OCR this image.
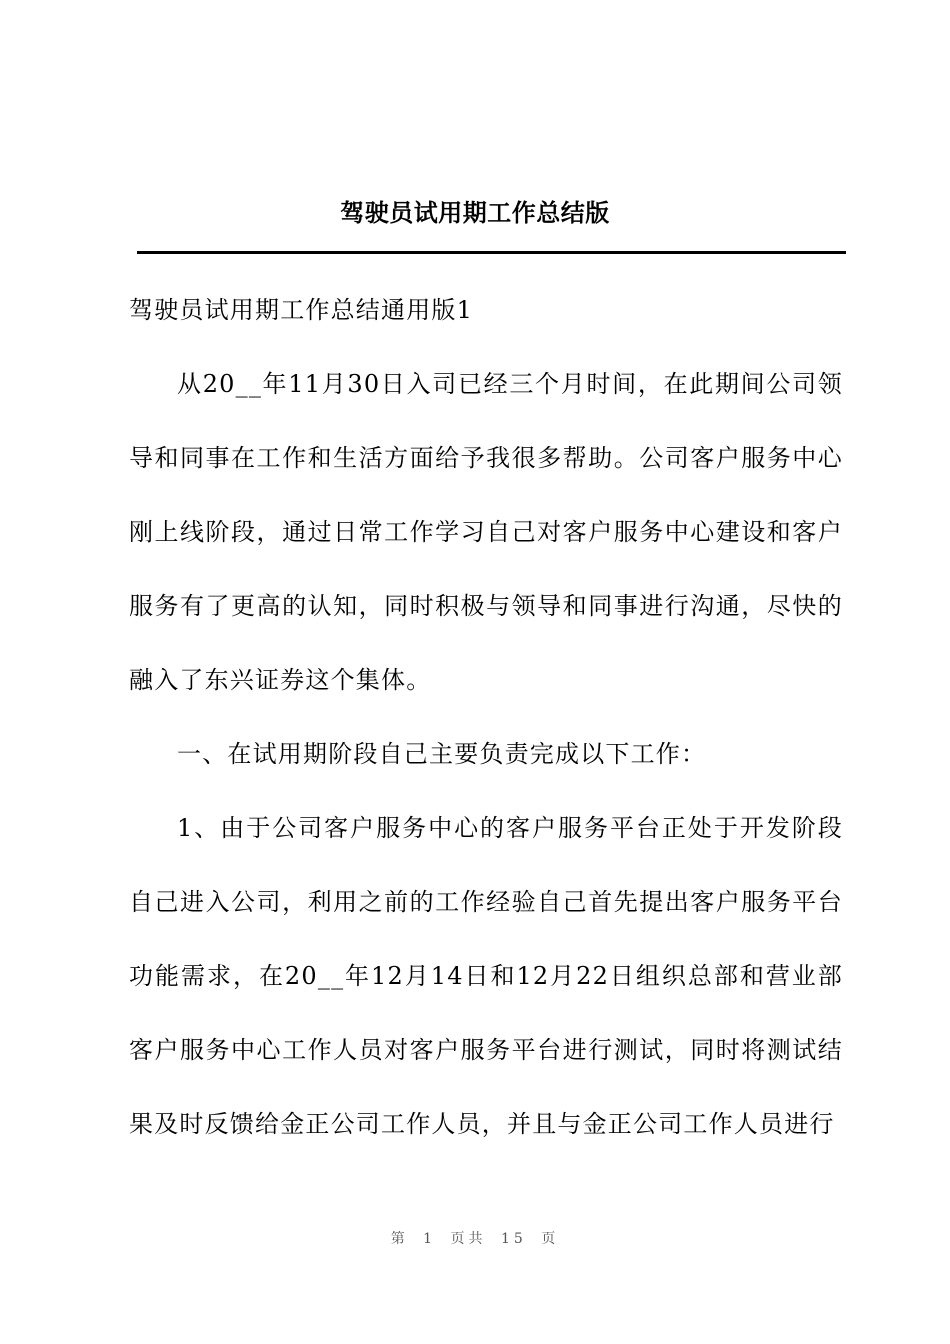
驾驶员试用期工作总结版

驾驶员试用期工作总结通用版1

从20__年11月30日入司已经三个月时间，在此期间公司领导和同事在工作和生活方面给予我很多帮助。公司客户服务中心刚上线阶段，通过日常工作学习自己对客户服务中心建设和客户服务有了更高的认知，同时积极与领导和同事进行沟通，尽快的融入了东兴证券这个集体。

一、在试用期阶段自己主要负责完成以下工作：

1、由于公司客户服务中心的客户服务平台正处于开发阶段自己进入公司，利用之前的工作经验自己首先提出客户服务平台功能需求，在20__年12月14日和12月22日组织总部和营业部客户服务中心工作人员对客户服务平台进行测试，同时将测试结果及时反馈给金正公司工作人员，并且与金正公司工作人员进行

第 1 页共 15 页
